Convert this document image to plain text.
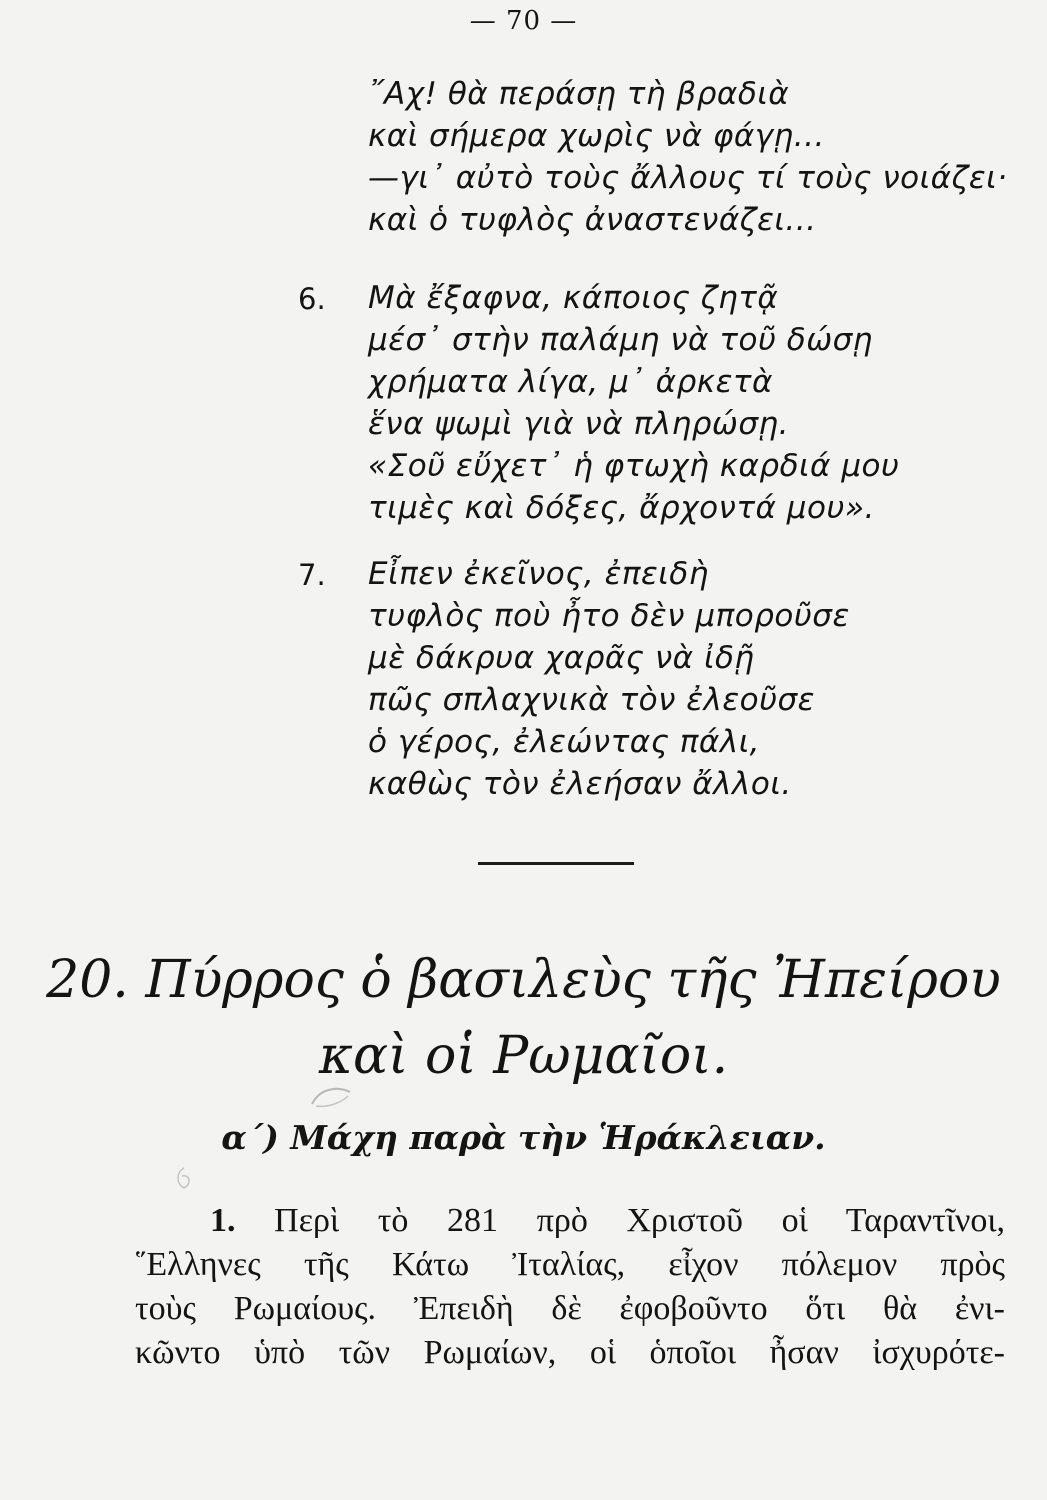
— 70 —
῎Αχ! θὰ περάσῃ τὴ βραδιὰ
καὶ σήμερα χωρὶς νὰ φάγῃ...
—γι᾽ αὐτὸ τοὺς ἄλλους τί τοὺς νοιάζει·
καὶ ὁ τυφλὸς ἀναστενάζει...
6. Μὰ ἔξαφνα, κάποιος ζητᾷ
μέσ᾽ στὴν παλάμη νὰ τοῦ δώσῃ
χρήματα λίγα, μ᾽ ἀρκετὰ
ἕνα ψωμὶ γιὰ νὰ πληρώσῃ.
«Σοῦ εὔχετ᾽ ἡ φτωχὴ καρδιά μου
τιμὲς καὶ δόξες, ἄρχοντά μου».
7. Εἶπεν ἐκεῖνος, ἐπειδὴ
τυφλὸς ποὺ ἦτο δὲν μποροῦσε
μὲ δάκρυα χαρᾶς νὰ ἰδῇ
πῶς σπλαχνικὰ τὸν ἐλεοῦσε
ὁ γέρος, ἐλεώντας πάλι,
καθὼς τὸν ἐλεήσαν ἄλλοι.
20. Πύρρος ὁ βασιλεὺς τῆς Ἠπείρου
καὶ οἱ Ρωμαῖοι.
α΄) Μάχη παρὰ τὴν Ἡράκλειαν.
1. Περὶ τὸ 281 πρὸ Χριστοῦ οἱ Ταραντῖνοι,
῞Ελληνες τῆς Κάτω Ἰταλίας, εἶχον πόλεμον πρὸς
τοὺς Ρωμαίους. Ἐπειδὴ δὲ ἐφοβοῦντο ὅτι θὰ ἐνι-
κῶντο ὑπὸ τῶν Ρωμαίων, οἱ ὁποῖοι ἦσαν ἰσχυρότε-
